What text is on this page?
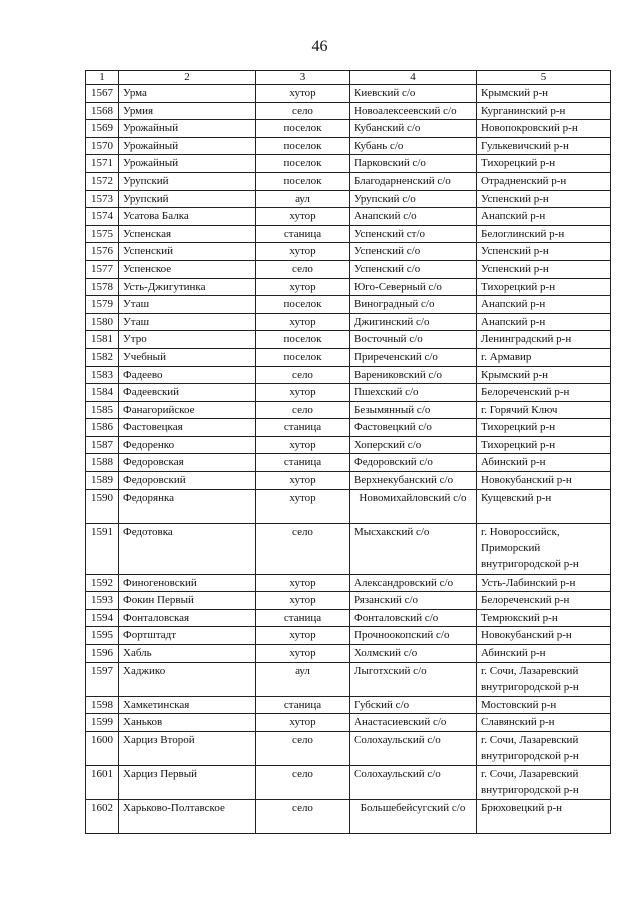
46
1	2	3	4	5
1567	Урма	хутор	Киевский с/о	Крымский р-н
1568	Урмия	село	Новоалексеевский с/о	Курганинский р-н
1569	Урожайный	поселок	Кубанский с/о	Новопокровский р-н
1570	Урожайный	поселок	Кубань с/о	Гулькевичский р-н
1571	Урожайный	поселок	Парковский с/о	Тихорецкий р-н
1572	Урупский	поселок	Благодарненский с/о	Отрадненский р-н
1573	Урупский	аул	Урупский с/о	Успенский р-н
1574	Усатова Балка	хутор	Анапский с/о	Анапский р-н
1575	Успенская	станица	Успенский ст/о	Белоглинский р-н
1576	Успенский	хутор	Успенский с/о	Успенский р-н
1577	Успенское	село	Успенский с/о	Успенский р-н
1578	Усть-Джигутинка	хутор	Юго-Северный с/о	Тихорецкий р-н
1579	Уташ	поселок	Виноградный с/о	Анапский р-н
1580	Уташ	хутор	Джигинский с/о	Анапский р-н
1581	Утро	поселок	Восточный с/о	Ленинградский р-н
1582	Учебный	поселок	Приреченский с/о	г. Армавир
1583	Фадеево	село	Варениковский с/о	Крымский р-н
1584	Фадеевский	хутор	Пшехский с/о	Белореченский р-н
1585	Фанагорийское	село	Безымянный с/о	г. Горячий Ключ
1586	Фастовецкая	станица	Фастовецкий с/о	Тихорецкий р-н
1587	Федоренко	хутор	Хоперский с/о	Тихорецкий р-н
1588	Федоровская	станица	Федоровский с/о	Абинский р-н
1589	Федоровский	хутор	Верхнекубанский с/о	Новокубанский р-н
1590	Федорянка	хутор	Новомихайловский с/о	Кущевский р-н
1591	Федотовка	село	Мысхакский с/о	г. Новороссийск, Приморский внутригородской р-н
1592	Финогеновский	хутор	Александровский с/о	Усть-Лабинский р-н
1593	Фокин Первый	хутор	Рязанский с/о	Белореченский р-н
1594	Фонталовская	станица	Фонталовский с/о	Темрюкский р-н
1595	Фортштадт	хутор	Прочноокопский с/о	Новокубанский р-н
1596	Хабль	хутор	Холмский с/о	Абинский р-н
1597	Хаджико	аул	Лыготхский с/о	г. Сочи, Лазаревский внутригородской р-н
1598	Хамкетинская	станица	Губский с/о	Мостовский р-н
1599	Ханьков	хутор	Анастасиевский с/о	Славянский р-н
1600	Харциз Второй	село	Солохаульский с/о	г. Сочи, Лазаревский внутригородской р-н
1601	Харциз Первый	село	Солохаульский с/о	г. Сочи, Лазаревский внутригородской р-н
1602	Харьково-Полтавское	село	Большебейсугский с/о	Брюховецкий р-н
